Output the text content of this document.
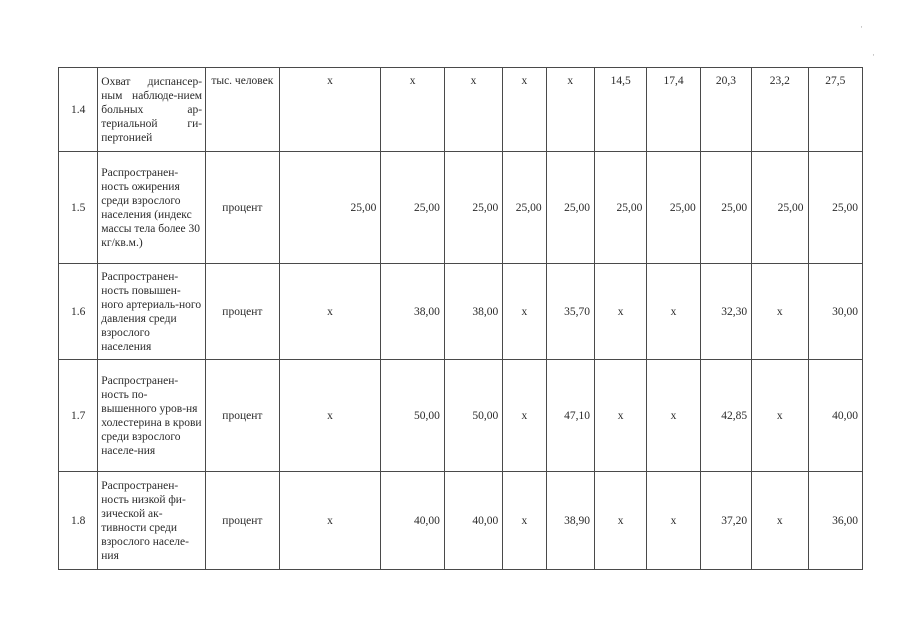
·
·
1.4	Охват диспансер-ным наблюде-нием больных ар-териальной ги-пертонией	тыс. человек	x	x	x	x	x	14,5	17,4	20,3	23,2	27,5
1.5	Распространен-ность ожирения среди взрослого населения (индекс массы тела более 30 кг/кв.м.)	процент	25,00	25,00	25,00	25,00	25,00	25,00	25,00	25,00	25,00	25,00
1.6	Распространен-ность повышен-ного артериаль-ного давления среди взрослого населения	процент	x	38,00	38,00	x	35,70	x	x	32,30	x	30,00
1.7	Распространен-ность по-вышенного уров-ня холестерина в крови среди взрослого населе-ния	процент	x	50,00	50,00	x	47,10	x	x	42,85	x	40,00
1.8	Распространен-ность низкой фи-зической ак-тивности среди взрослого населе-ния	процент	x	40,00	40,00	x	38,90	x	x	37,20	x	36,00
